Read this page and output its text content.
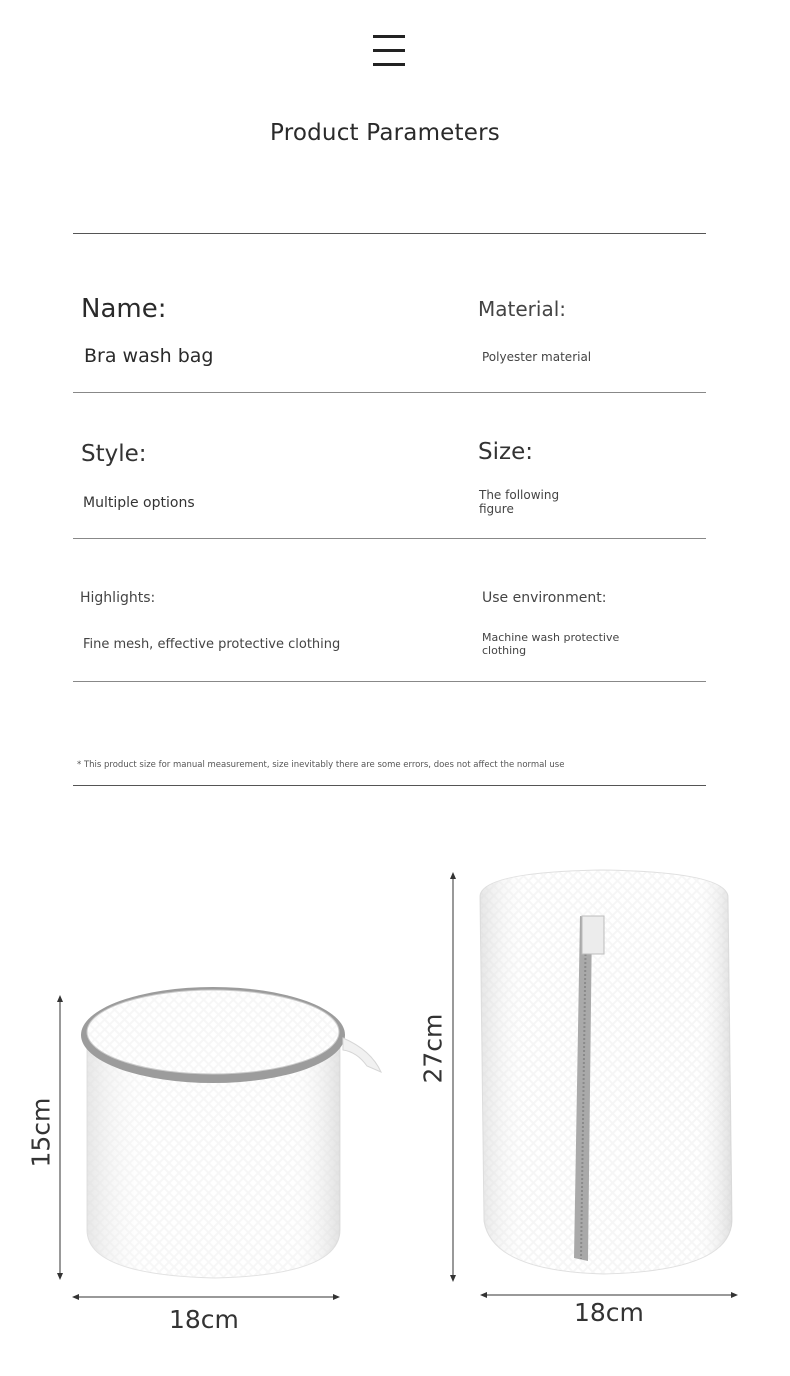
Product Parameters
Name:
Bra wash bag
Material:
Polyester material
Style:
Multiple options
Size:
The following
figure
Highlights:
Fine mesh, effective protective clothing
Use environment:
Machine wash protective
clothing
* This product size for manual measurement, size inevitably there are some errors, does not affect the normal use
15cm
18cm
27cm
18cm
